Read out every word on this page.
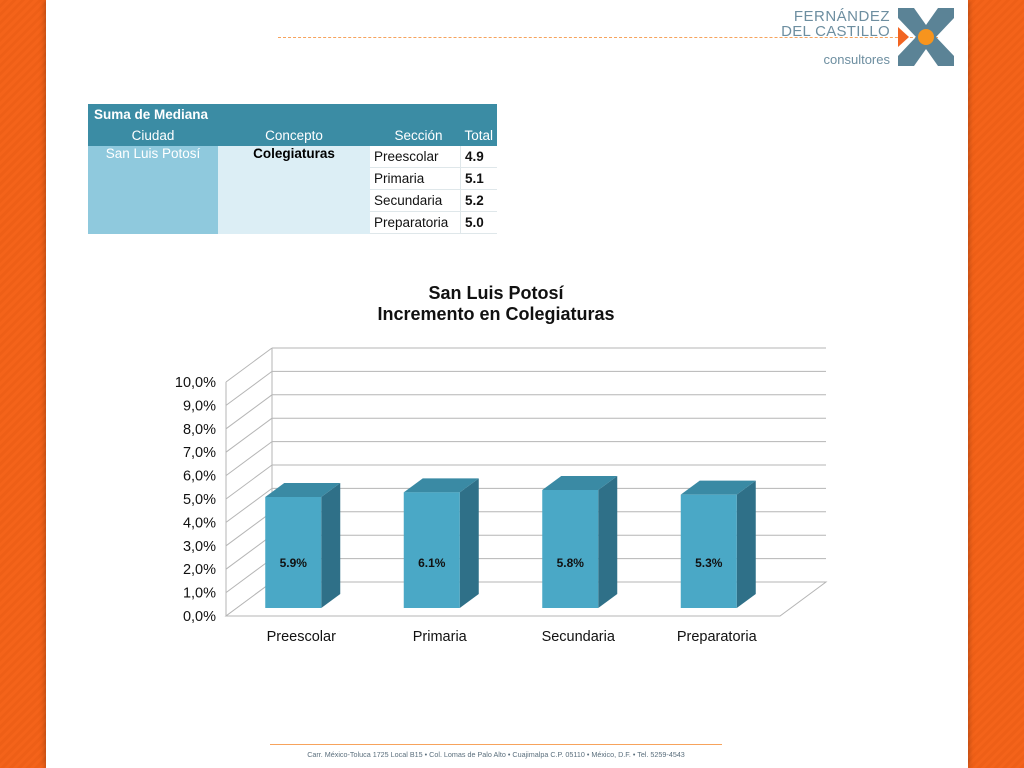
FERNÁNDEZ
DEL CASTILLO
consultores
Suma de Mediana			
Ciudad	Concepto	Sección	Total
San Luis Potosí	Colegiaturas	Preescolar	4.9
		Primaria	5.1
		Secundaria	5.2
		Preparatoria	5.0
San Luis Potosí
Incremento en Colegiaturas
0,0%
1,0%
2,0%
3,0%
4,0%
5,0%
6,0%
7,0%
8,0%
9,0%
10,0%
5.9%
Preescolar
6.1%
Primaria
5.8%
Secundaria
5.3%
Preparatoria
Carr. México-Toluca 1725 Local B15 • Col. Lomas de Palo Alto • Cuajimalpa C.P. 05110 • México, D.F. • Tel. 5259-4543
